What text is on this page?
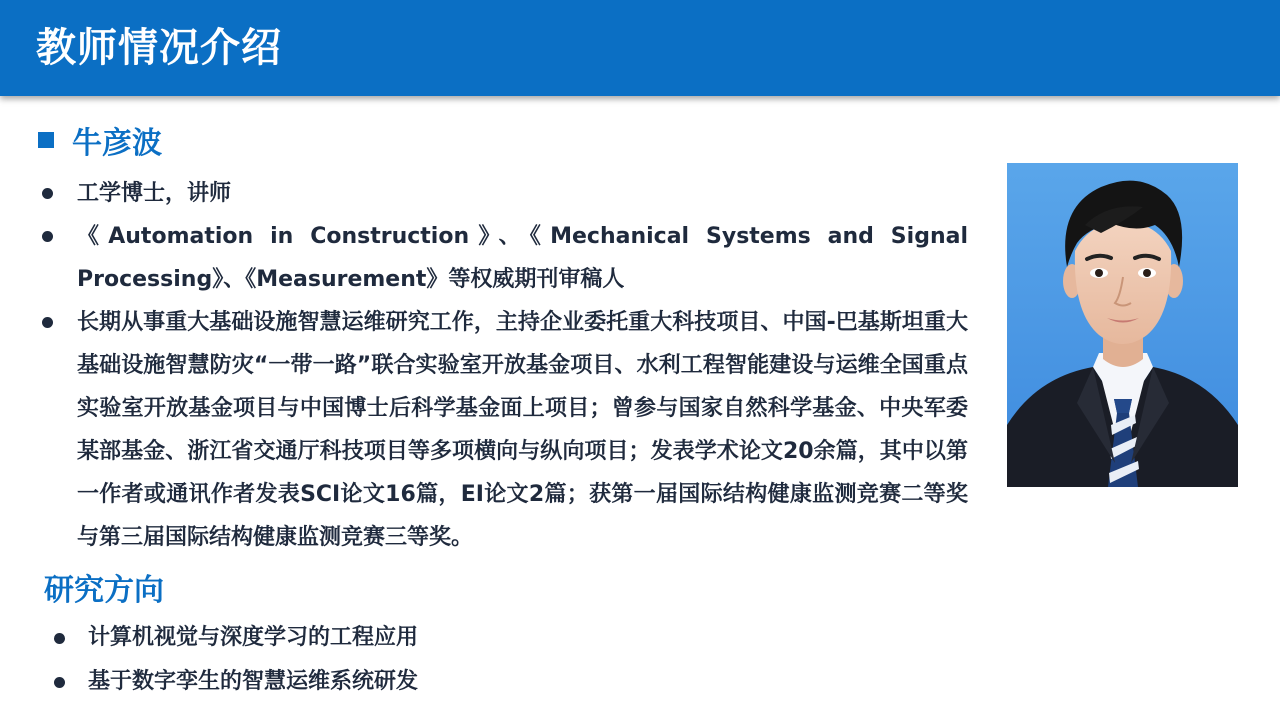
教师情况介绍
牛彦波
工学博士，讲师
《Automation in Construction》、《Mechanical Systems and Signal Processing》、《Measurement》等权威期刊审稿人
长期从事重大基础设施智慧运维研究工作，主持企业委托重大科技项目、中国-巴基斯坦重大基础设施智慧防灾“一带一路”联合实验室开放基金项目、水利工程智能建设与运维全国重点实验室开放基金项目与中国博士后科学基金面上项目；曾参与国家自然科学基金、中央军委某部基金、浙江省交通厅科技项目等多项横向与纵向项目；发表学术论文20余篇，其中以第一作者或通讯作者发表SCI论文16篇，EI论文2篇；获第一届国际结构健康监测竞赛二等奖与第三届国际结构健康监测竞赛三等奖。
研究方向
计算机视觉与深度学习的工程应用
基于数字孪生的智慧运维系统研发
